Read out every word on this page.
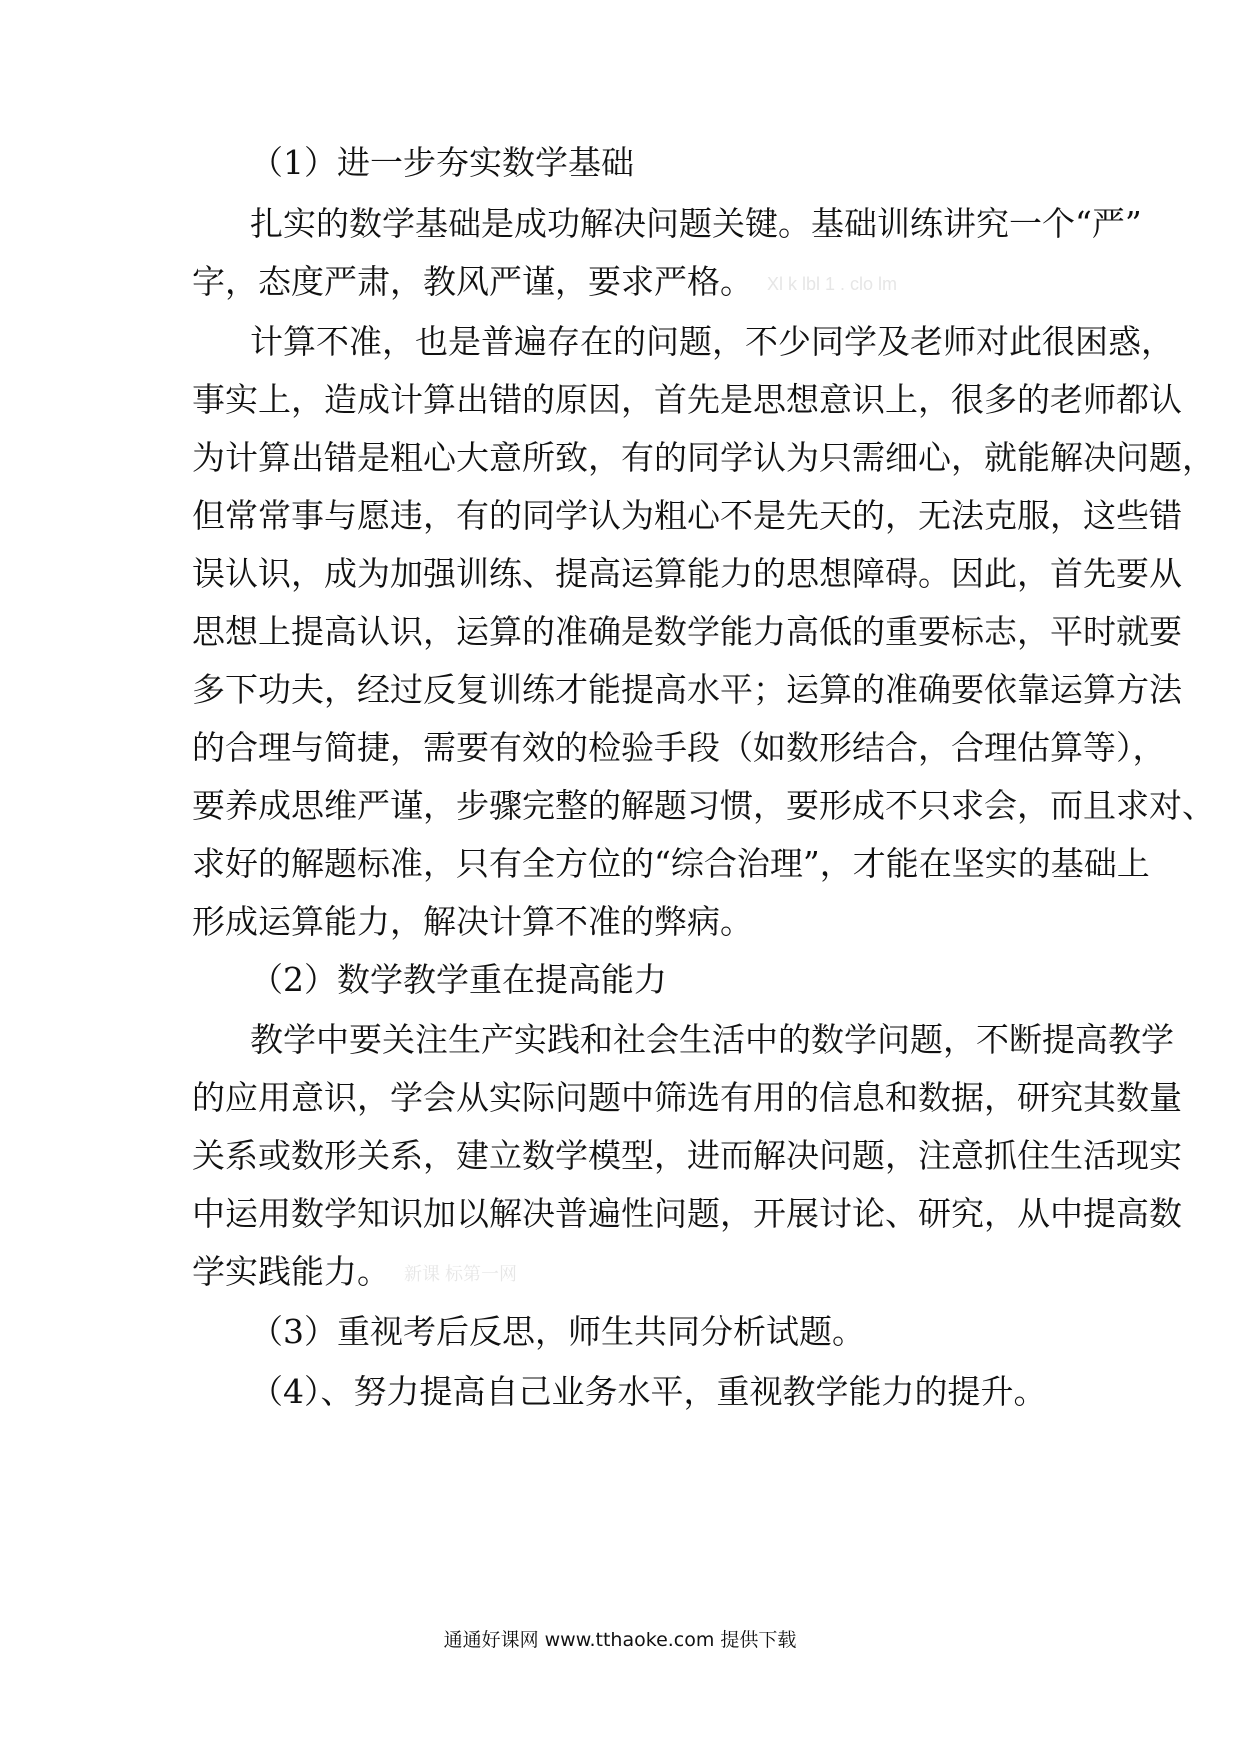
（1）进一步夯实数学基础
扎实的数学基础是成功解决问题关键。基础训练讲究一个“严”
字，态度严肃，教风严谨，要求严格。 Xl k lbl 1 . clo lm
计算不准，也是普遍存在的问题，不少同学及老师对此很困惑，
事实上，造成计算出错的原因，首先是思想意识上，很多的老师都认
为计算出错是粗心大意所致，有的同学认为只需细心，就能解决问题，
但常常事与愿违，有的同学认为粗心不是先天的，无法克服，这些错
误认识，成为加强训练、提高运算能力的思想障碍。因此，首先要从
思想上提高认识，运算的准确是数学能力高低的重要标志，平时就要
多下功夫，经过反复训练才能提高水平；运算的准确要依靠运算方法
的合理与简捷，需要有效的检验手段（如数形结合，合理估算等），
要养成思维严谨，步骤完整的解题习惯，要形成不只求会，而且求对、
求好的解题标准，只有全方位的“综合治理”，才能在坚实的基础上
形成运算能力，解决计算不准的弊病。
（2）数学教学重在提高能力
教学中要关注生产实践和社会生活中的数学问题，不断提高教学
的应用意识，学会从实际问题中筛选有用的信息和数据，研究其数量
关系或数形关系，建立数学模型，进而解决问题，注意抓住生活现实
中运用数学知识加以解决普遍性问题，开展讨论、研究，从中提高数
学实践能力。 新课 标第一网
（3）重视考后反思，师生共同分析试题。
（4）、努力提高自己业务水平，重视教学能力的提升。
通通好课网 www.tthaoke.com 提供下载
